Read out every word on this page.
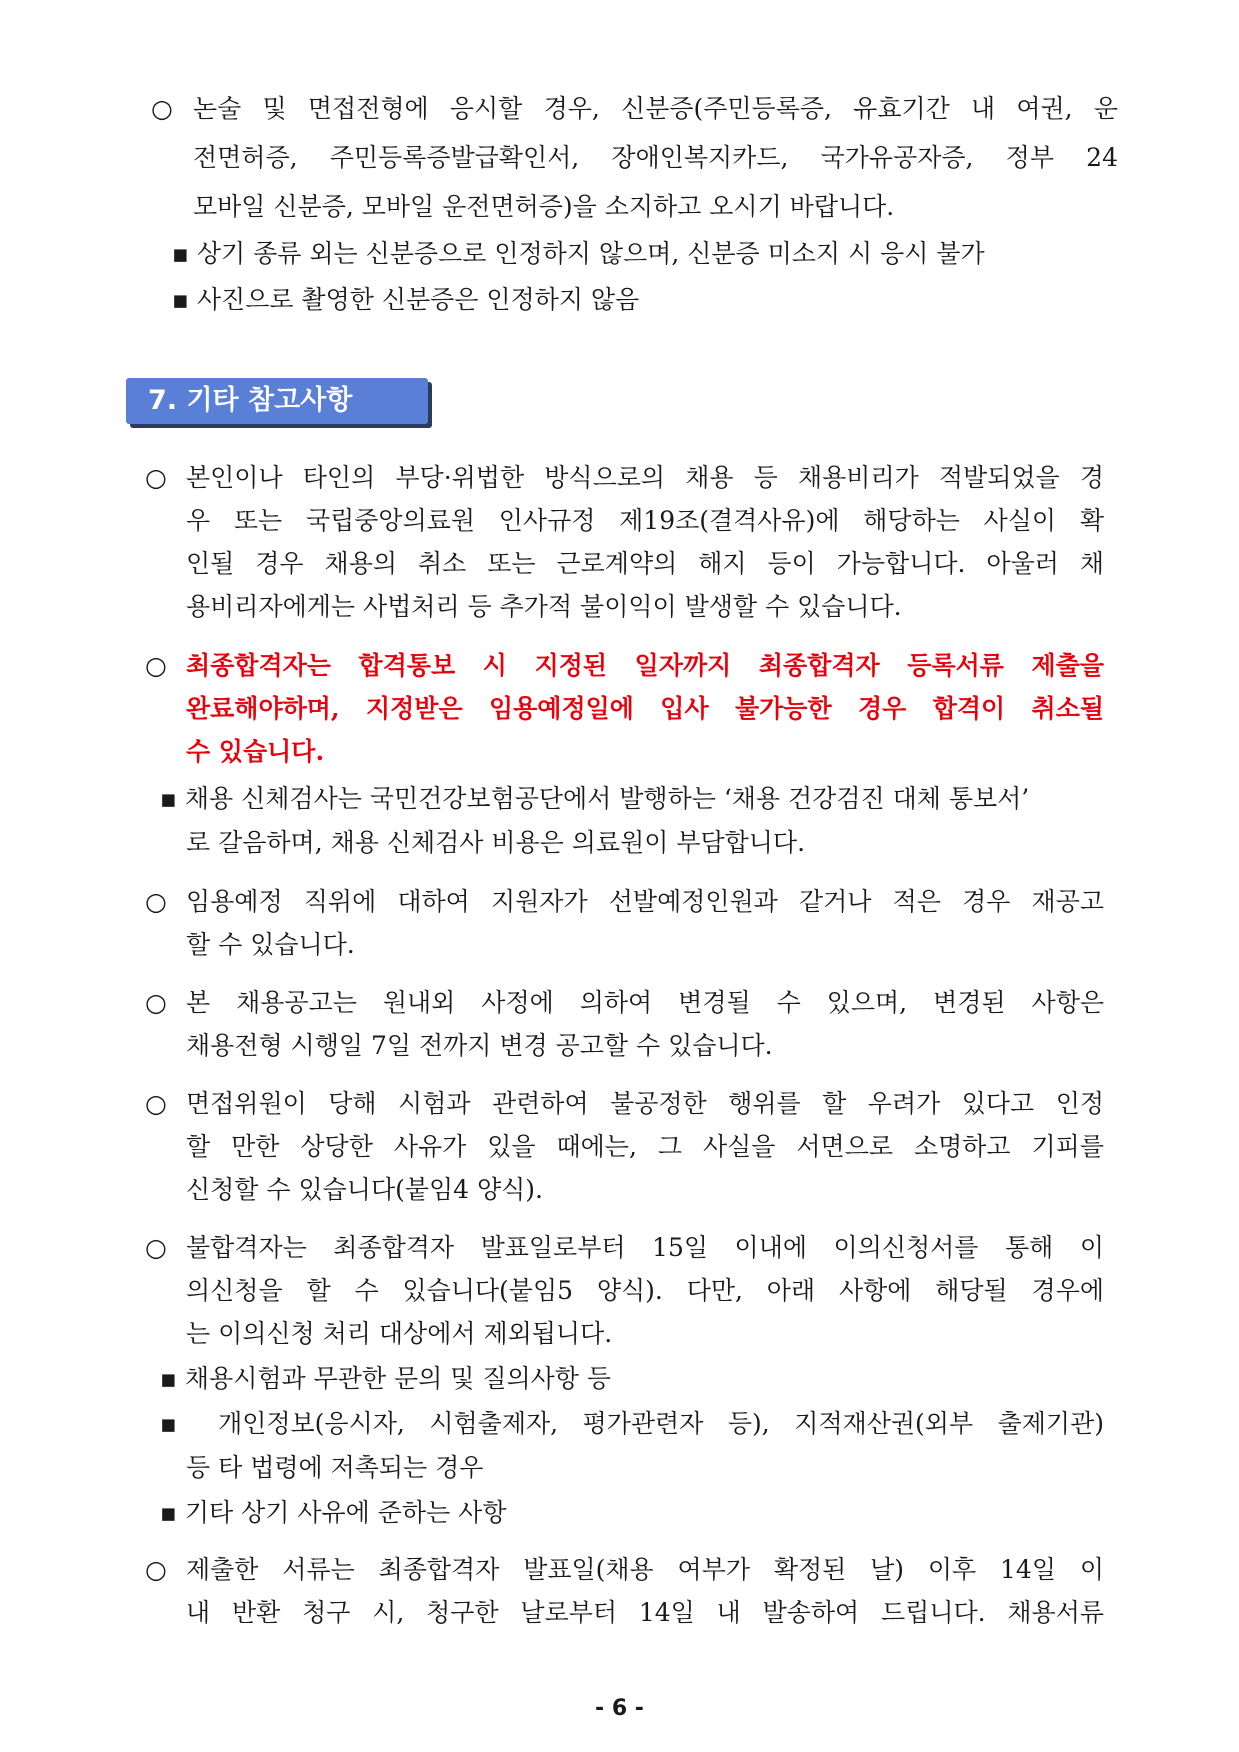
○ 논술 및 면접전형에 응시할 경우, 신분증(주민등록증, 유효기간 내 여권, 운
전면허증, 주민등록증발급확인서, 장애인복지카드, 국가유공자증, 정부 24
모바일 신분증, 모바일 운전면허증)을 소지하고 오시기 바랍니다.
▪ 상기 종류 외는 신분증으로 인정하지 않으며, 신분증 미소지 시 응시 불가
▪ 사진으로 촬영한 신분증은 인정하지 않음
7. 기타 참고사항
○ 본인이나 타인의 부당·위법한 방식으로의 채용 등 채용비리가 적발되었을 경
우 또는 국립중앙의료원 인사규정 제19조(결격사유)에 해당하는 사실이 확
인될 경우 채용의 취소 또는 근로계약의 해지 등이 가능합니다. 아울러 채
용비리자에게는 사법처리 등 추가적 불이익이 발생할 수 있습니다.
○ 최종합격자는 합격통보 시 지정된 일자까지 최종합격자 등록서류 제출을
완료해야하며, 지정받은 임용예정일에 입사 불가능한 경우 합격이 취소될
수 있습니다.
▪ 채용 신체검사는 국민건강보험공단에서 발행하는 ‘채용 건강검진 대체 통보서’
로 갈음하며, 채용 신체검사 비용은 의료원이 부담합니다.
○ 임용예정 직위에 대하여 지원자가 선발예정인원과 같거나 적은 경우 재공고
할 수 있습니다.
○ 본 채용공고는 원내외 사정에 의하여 변경될 수 있으며, 변경된 사항은
채용전형 시행일 7일 전까지 변경 공고할 수 있습니다.
○ 면접위원이 당해 시험과 관련하여 불공정한 행위를 할 우려가 있다고 인정
할 만한 상당한 사유가 있을 때에는, 그 사실을 서면으로 소명하고 기피를
신청할 수 있습니다(붙임4 양식).
○ 불합격자는 최종합격자 발표일로부터 15일 이내에 이의신청서를 통해 이
의신청을 할 수 있습니다(붙임5 양식). 다만, 아래 사항에 해당될 경우에
는 이의신청 처리 대상에서 제외됩니다.
▪ 채용시험과 무관한 문의 및 질의사항 등
▪ 개인정보(응시자, 시험출제자, 평가관련자 등), 지적재산권(외부 출제기관)
등 타 법령에 저촉되는 경우
▪ 기타 상기 사유에 준하는 사항
○ 제출한 서류는 최종합격자 발표일(채용 여부가 확정된 날) 이후 14일 이
내 반환 청구 시, 청구한 날로부터 14일 내 발송하여 드립니다. 채용서류
- 6 -
